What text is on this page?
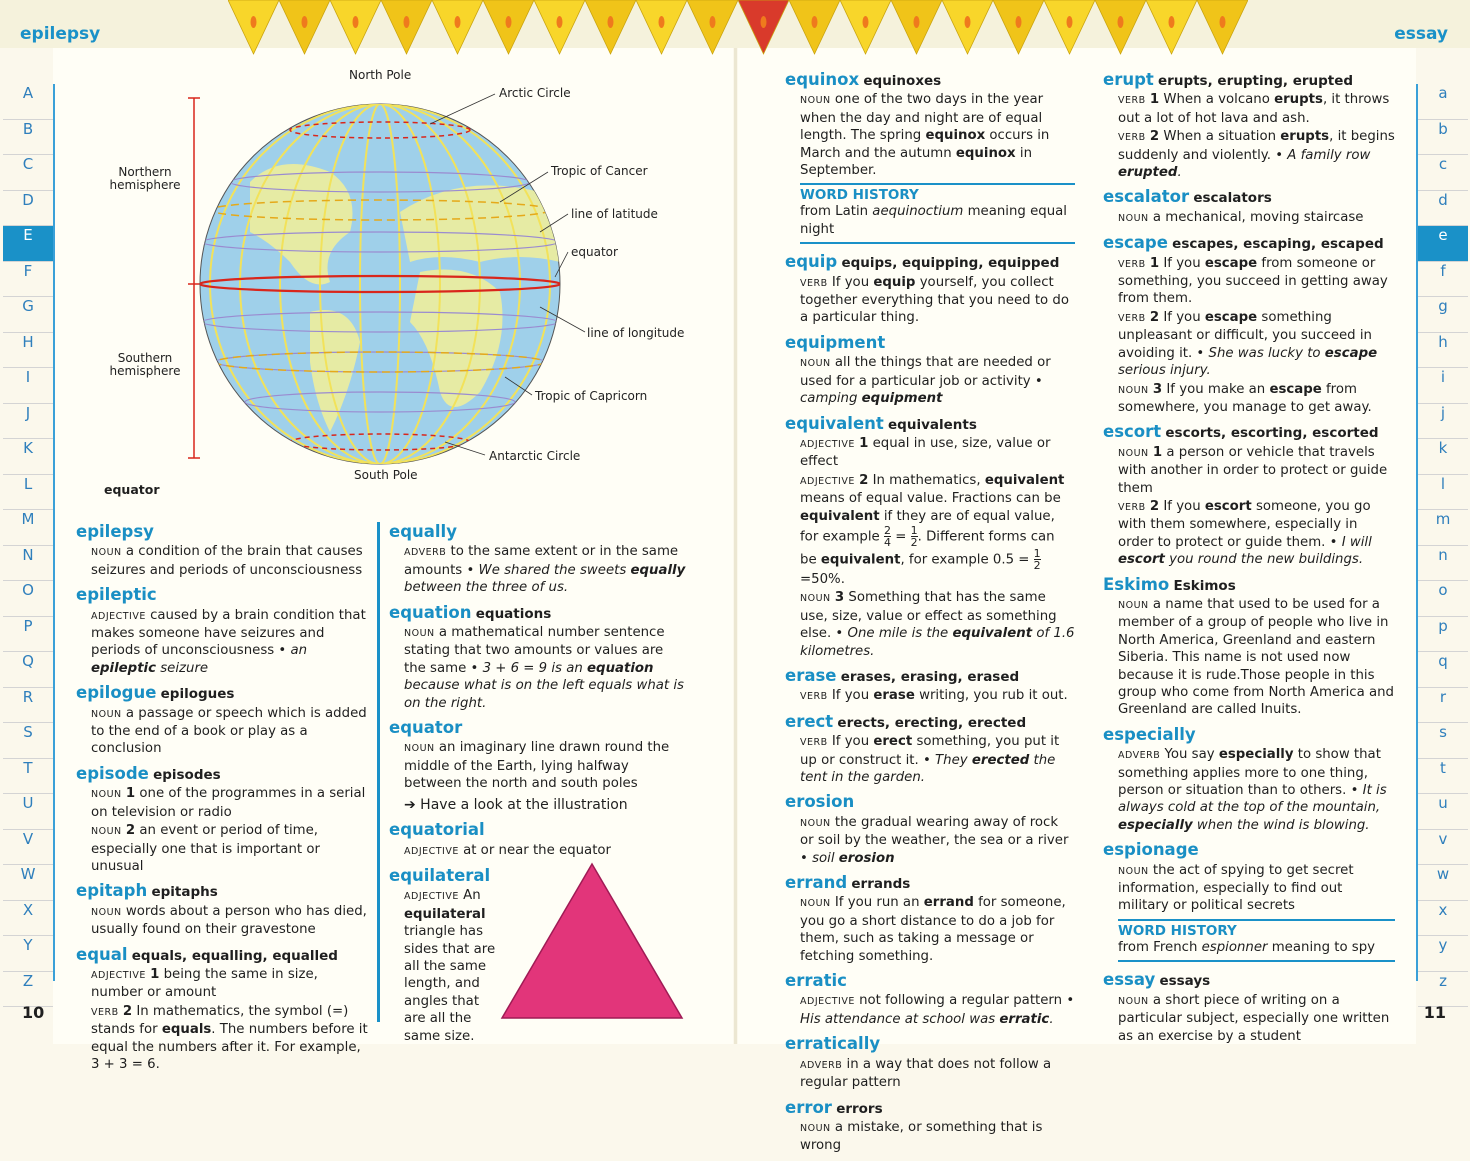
epilepsy	essay
A
B
C
D
E
F
G
H
I
J
K
L
M
N
O
P
Q
R
S
T
U
V
W
X
Y
Z
a
b
c
d
e
f
g
h
i
j
k
l
m
n
o
p
q
r
s
t
u
v
w
x
y
z
10	11
North Pole
Arctic Circle
Northern hemisphere
Tropic of Cancer
line of latitude
equator
line of longitude
Southern hemisphere
Tropic of Capricorn
Antarctic Circle
South Pole
equator
epilepsy
NOUN a condition of the brain that causes seizures and periods of unconsciousness
epileptic
ADJECTIVE caused by a brain condition that makes someone have seizures and periods of unconsciousness • an epileptic seizure
epilogue epilogues
NOUN a passage or speech which is added to the end of a book or play as a conclusion
episode episodes
NOUN 1 one of the programmes in a serial on television or radio
NOUN 2 an event or period of time, especially one that is important or unusual
epitaph epitaphs
NOUN words about a person who has died, usually found on their gravestone
equal equals, equalling, equalled
ADJECTIVE 1 being the same in size, number or amount
VERB 2 In mathematics, the symbol (=) stands for equals. The numbers before it equal the numbers after it. For example, 3 + 3 = 6.
equally
ADVERB to the same extent or in the same amounts • We shared the sweets equally between the three of us.
equation equations
NOUN a mathematical number sentence stating that two amounts or values are the same • 3 + 6 = 9 is an equation because what is on the left equals what is on the right.
equator
NOUN an imaginary line drawn round the middle of the Earth, lying halfway between the north and south poles
➔ Have a look at the illustration
equatorial
ADJECTIVE at or near the equator
equilateral
ADJECTIVE An equilateral triangle has sides that are all the same length, and angles that are all the same size.
equinox equinoxes
NOUN one of the two days in the year when the day and night are of equal length. The spring equinox occurs in March and the autumn equinox in September.
WORD HISTORY
from Latin aequinoctium meaning equal night
equip equips, equipping, equipped
VERB If you equip yourself, you collect together everything that you need to do a particular thing.
equipment
NOUN all the things that are needed or used for a particular job or activity • camping equipment
equivalent equivalents
ADJECTIVE 1 equal in use, size, value or effect
ADJECTIVE 2 In mathematics, equivalent means of equal value. Fractions can be equivalent if they are of equal value, for example $\frac{2}{4} = \frac{1}{2}$ . Different forms can be equivalent, for example $0.5 = \frac{1}{2}$
=50%.
NOUN 3 Something that has the same use, size, value or effect as something else. • One mile is the equivalent of 1.6 kilometres.
erase erases, erasing, erased
VERB If you erase writing, you rub it out.
erect erects, erecting, erected
VERB If you erect something, you put it up or construct it. • They erected the tent in the garden.
erosion
NOUN the gradual wearing away of rock or soil by the weather, the sea or a river • soil erosion
errand errands
NOUN If you run an errand for someone, you go a short distance to do a job for them, such as taking a message or fetching something.
erratic
ADJECTIVE not following a regular pattern • His attendance at school was erratic.
erratically
ADVERB in a way that does not follow a regular pattern
error errors
NOUN a mistake, or something that is wrong
erupt erupts, erupting, erupted
VERB 1 When a volcano erupts, it throws out a lot of hot lava and ash.
VERB 2 When a situation erupts, it begins suddenly and violently. • A family row erupted.
escalator escalators
NOUN a mechanical, moving staircase
escape escapes, escaping, escaped
VERB 1 If you escape from someone or something, you succeed in getting away from them.
VERB 2 If you escape something unpleasant or difficult, you succeed in avoiding it. • She was lucky to escape serious injury.
NOUN 3 If you make an escape from somewhere, you manage to get away.
escort escorts, escorting, escorted
NOUN 1 a person or vehicle that travels with another in order to protect or guide them
VERB 2 If you escort someone, you go with them somewhere, especially in order to protect or guide them. • I will escort you round the new buildings.
Eskimo Eskimos
NOUN a name that used to be used for a member of a group of people who live in North America, Greenland and eastern Siberia. This name is not used now because it is rude.Those people in this group who come from North America and Greenland are called Inuits.
especially
ADVERB You say especially to show that something applies more to one thing, person or situation than to others. • It is always cold at the top of the mountain, especially when the wind is blowing.
espionage
NOUN the act of spying to get secret information, especially to find out military or political secrets
WORD HISTORY
from French espionner meaning to spy
essay essays
NOUN a short piece of writing on a particular subject, especially one written as an exercise by a student
